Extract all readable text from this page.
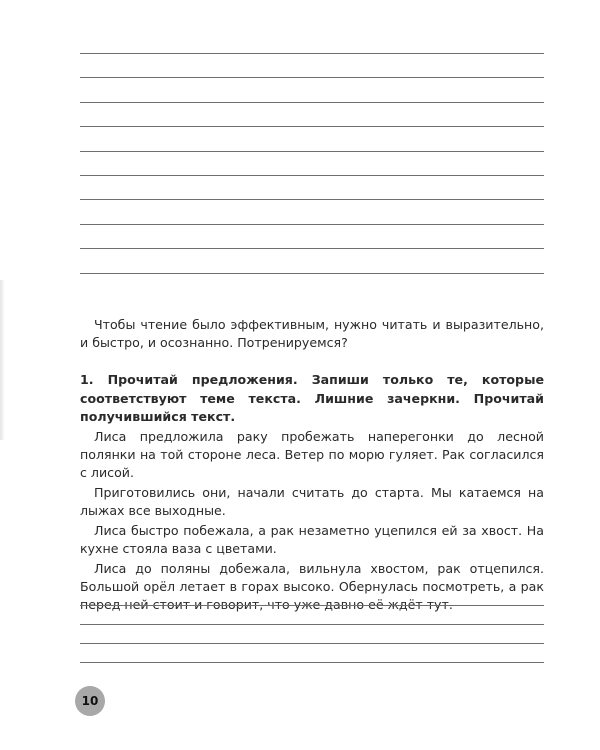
Чтобы чтение было эффективным, нужно читать и выразительно, и быстро, и осознанно. Потренируемся?
1. Прочитай предложения. Запиши только те, которые соответствуют теме текста. Лишние зачеркни. Прочитай получившийся текст.

Лиса предложила раку пробежать наперегонки до лесной полянки на той стороне леса. Ветер по морю гуляет. Рак согласился с лисой.

Приготовились они, начали считать до старта. Мы катаемся на лыжах все выходные.

Лиса быстро побежала, а рак незаметно уцепился ей за хвост. На кухне стояла ваза с цветами.

Лиса до поляны добежала, вильнула хвостом, рак отцепился. Большой орёл летает в горах высоко. Обернулась посмотреть, а рак перед ней стоит и говорит, что уже давно её ждёт тут.

10
